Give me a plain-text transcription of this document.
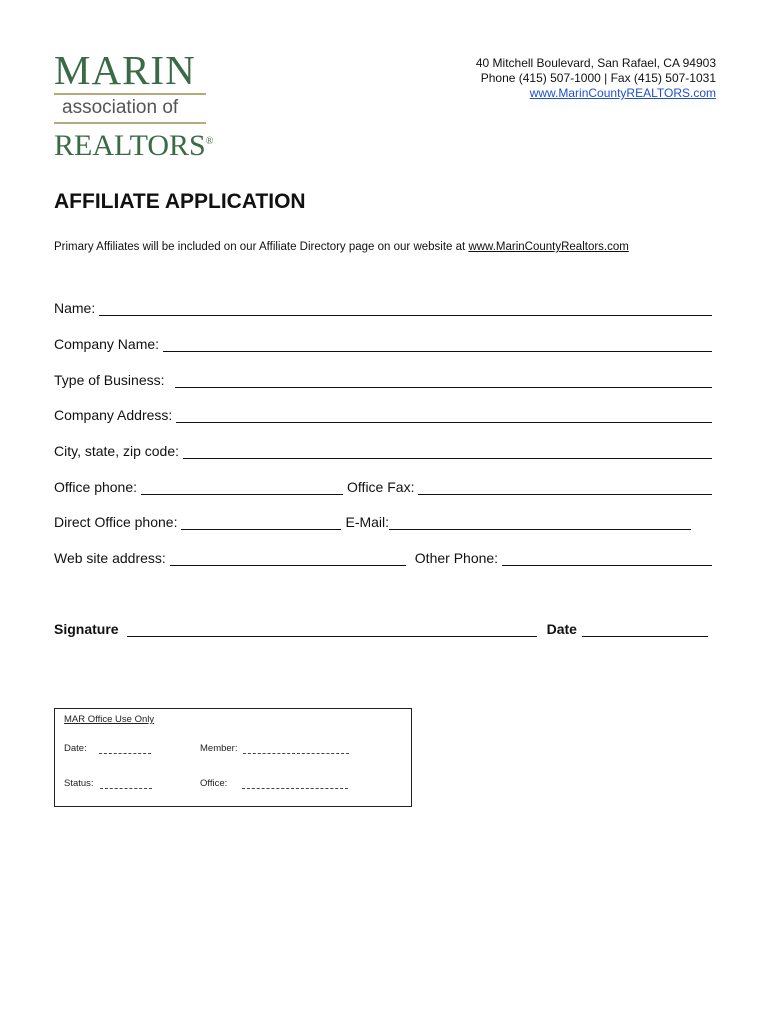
MARIN
association of
REALTORS®
40 Mitchell Boulevard, San Rafael, CA 94903
Phone (415) 507-1000 | Fax (415) 507-1031
www.MarinCountyREALTORS.com
AFFILIATE APPLICATION
Primary Affiliates will be included on our Affiliate Directory page on our website at www.MarinCountyRealtors.com
Name:
Company Name:
Type of Business:
Company Address:
City, state, zip code:
Office phone:	Office Fax:
Direct Office phone:	E-Mail:
Web site address:	Other Phone:
Signature	Date
MAR Office Use Only
Date:	Member:
Status:	Office:
